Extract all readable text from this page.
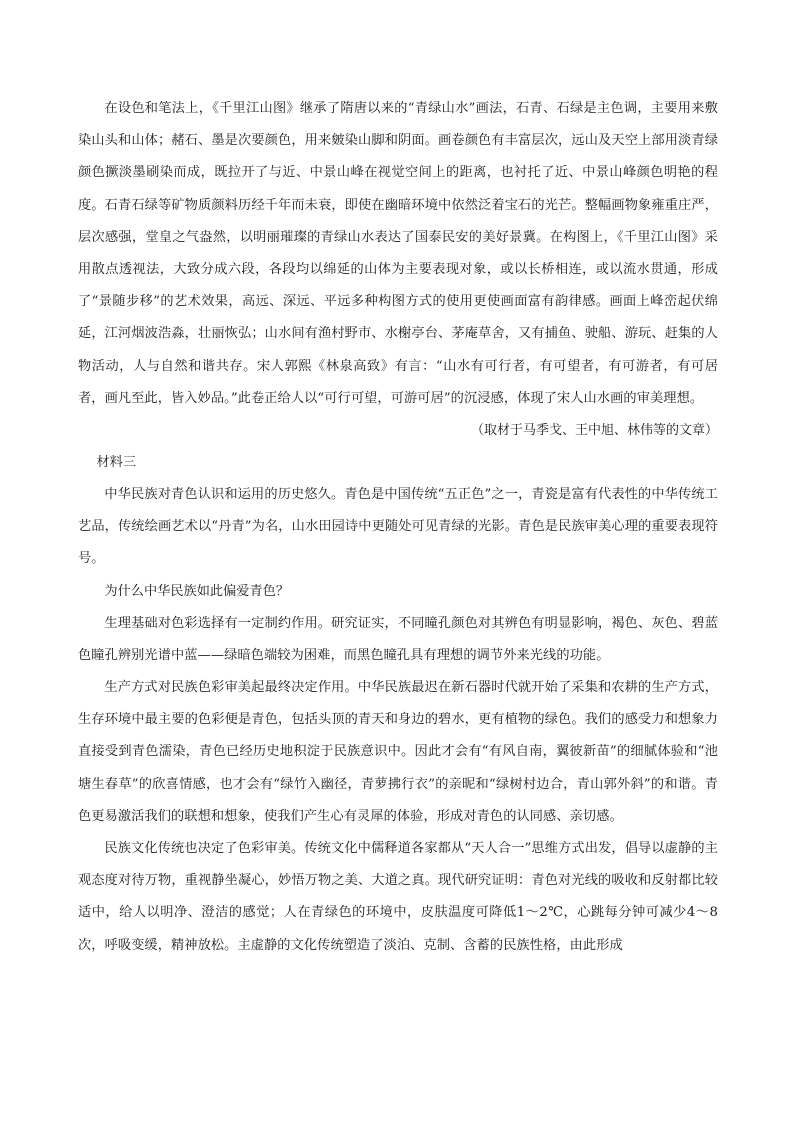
在设色和笔法上，《千里江山图》继承了隋唐以来的“青绿山水”画法，石青、石绿是主色调，主要用来敷染山头和山体；赭石、墨是次要颜色，用来皴染山脚和阴面。画卷颜色有丰富层次，远山及天空上部用淡青绿颜色撅淡墨刷染而成，既拉开了与近、中景山峰在视觉空间上的距离，也衬托了近、中景山峰颜色明艳的程度。石青石绿等矿物质颜料历经千年而未衰，即使在幽暗环境中依然泛着宝石的光芒。整幅画物象雍重庄严，层次感强，堂皇之气盎然，以明丽璀璨的青绿山水表达了国泰民安的美好景冀。在构图上，《千里江山图》采用散点透视法，大致分成六段，各段均以绵延的山体为主要表现对象，或以长桥相连，或以流水贯通，形成了“景随步移”的艺术效果，高远、深远、平远多种构图方式的使用更使画面富有韵律感。画面上峰峦起伏绵延，江河烟波浩淼，壮丽恢弘；山水间有渔村野市、水榭亭台、茅庵草舍，又有捕鱼、驶船、游玩、赶集的人物活动，人与自然和谐共存。宋人郭熙《林泉高致》有言：“山水有可行者，有可望者，有可游者，有可居者，画凡至此，皆入妙品。”此卷正给人以“可行可望，可游可居”的沉浸感，体现了宋人山水画的审美理想。

（取材于马季戈、王中旭、林伟等的文章）

材料三

中华民族对青色认识和运用的历史悠久。青色是中国传统“五正色”之一，青瓷是富有代表性的中华传统工艺品，传统绘画艺术以“丹青”为名，山水田园诗中更随处可见青绿的光影。青色是民族审美心理的重要表现符号。

为什么中华民族如此偏爱青色？

生理基础对色彩选择有一定制约作用。研究证实，不同瞳孔颜色对其辨色有明显影响，褐色、灰色、碧蓝色瞳孔辨别光谱中蓝——绿暗色端较为困难，而黑色瞳孔具有理想的调节外来光线的功能。

生产方式对民族色彩审美起最终决定作用。中华民族最迟在新石器时代就开始了采集和农耕的生产方式，生存环境中最主要的色彩便是青色，包括头顶的青天和身边的碧水，更有植物的绿色。我们的感受力和想象力直接受到青色濡染，青色已经历史地积淀于民族意识中。因此才会有“有风自南，翼彼新苗”的细腻体验和“池塘生春草”的欣喜情感，也才会有“绿竹入幽径，青萝拂行衣”的亲昵和“绿树村边合，青山郭外斜”的和谐。青色更易激活我们的联想和想象，使我们产生心有灵犀的体验，形成对青色的认同感、亲切感。

民族文化传统也决定了色彩审美。传统文化中儒释道各家都从“天人合一”思维方式出发，倡导以虚静的主观态度对待万物，重视静坐凝心，妙悟万物之美、大道之真。现代研究证明：青色对光线的吸收和反射都比较适中，给人以明净、澄洁的感觉；人在青绿色的环境中，皮肤温度可降低1～2℃，心跳每分钟可减少4～8次，呼吸变缓，精神放松。主虚静的文化传统塑造了淡泊、克制、含蓄的民族性格，由此形成
